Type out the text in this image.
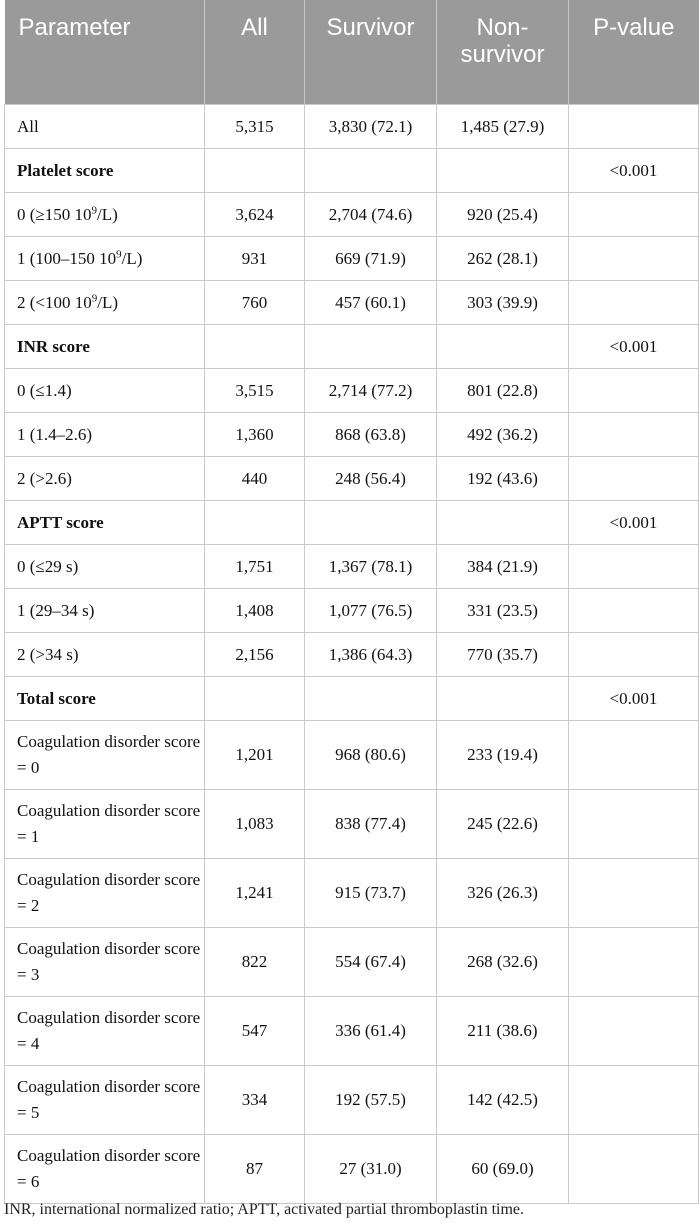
Parameter	All	Survivor	Non-survivor	P-value

All	5,315	3,830 (72.1)	1,485 (27.9)	
Platelet score				<0.001
0 (≥150 $10^9/L$)	3,624	2,704 (74.6)	920 (25.4)	
1 (100–150 $10^9/L$)	931	669 (71.9)	262 (28.1)	
2 (<100 $10^9/L$)	760	457 (60.1)	303 (39.9)	
INR score				<0.001
0 (≤1.4)	3,515	2,714 (77.2)	801 (22.8)	
1 (1.4–2.6)	1,360	868 (63.8)	492 (36.2)	
2 (>2.6)	440	248 (56.4)	192 (43.6)	
APTT score				<0.001
0 (≤29 s)	1,751	1,367 (78.1)	384 (21.9)	
1 (29–34 s)	1,408	1,077 (76.5)	331 (23.5)	
2 (>34 s)	2,156	1,386 (64.3)	770 (35.7)	
Total score				<0.001
Coagulation disorder score = 0	1,201	968 (80.6)	233 (19.4)	
Coagulation disorder score = 1	1,083	838 (77.4)	245 (22.6)	
Coagulation disorder score = 2	1,241	915 (73.7)	326 (26.3)	
Coagulation disorder score = 3	822	554 (67.4)	268 (32.6)	
Coagulation disorder score = 4	547	336 (61.4)	211 (38.6)	
Coagulation disorder score = 5	334	192 (57.5)	142 (42.5)	
Coagulation disorder score = 6	87	27 (31.0)	60 (69.0)	
INR, international normalized ratio; APTT, activated partial thromboplastin time.
